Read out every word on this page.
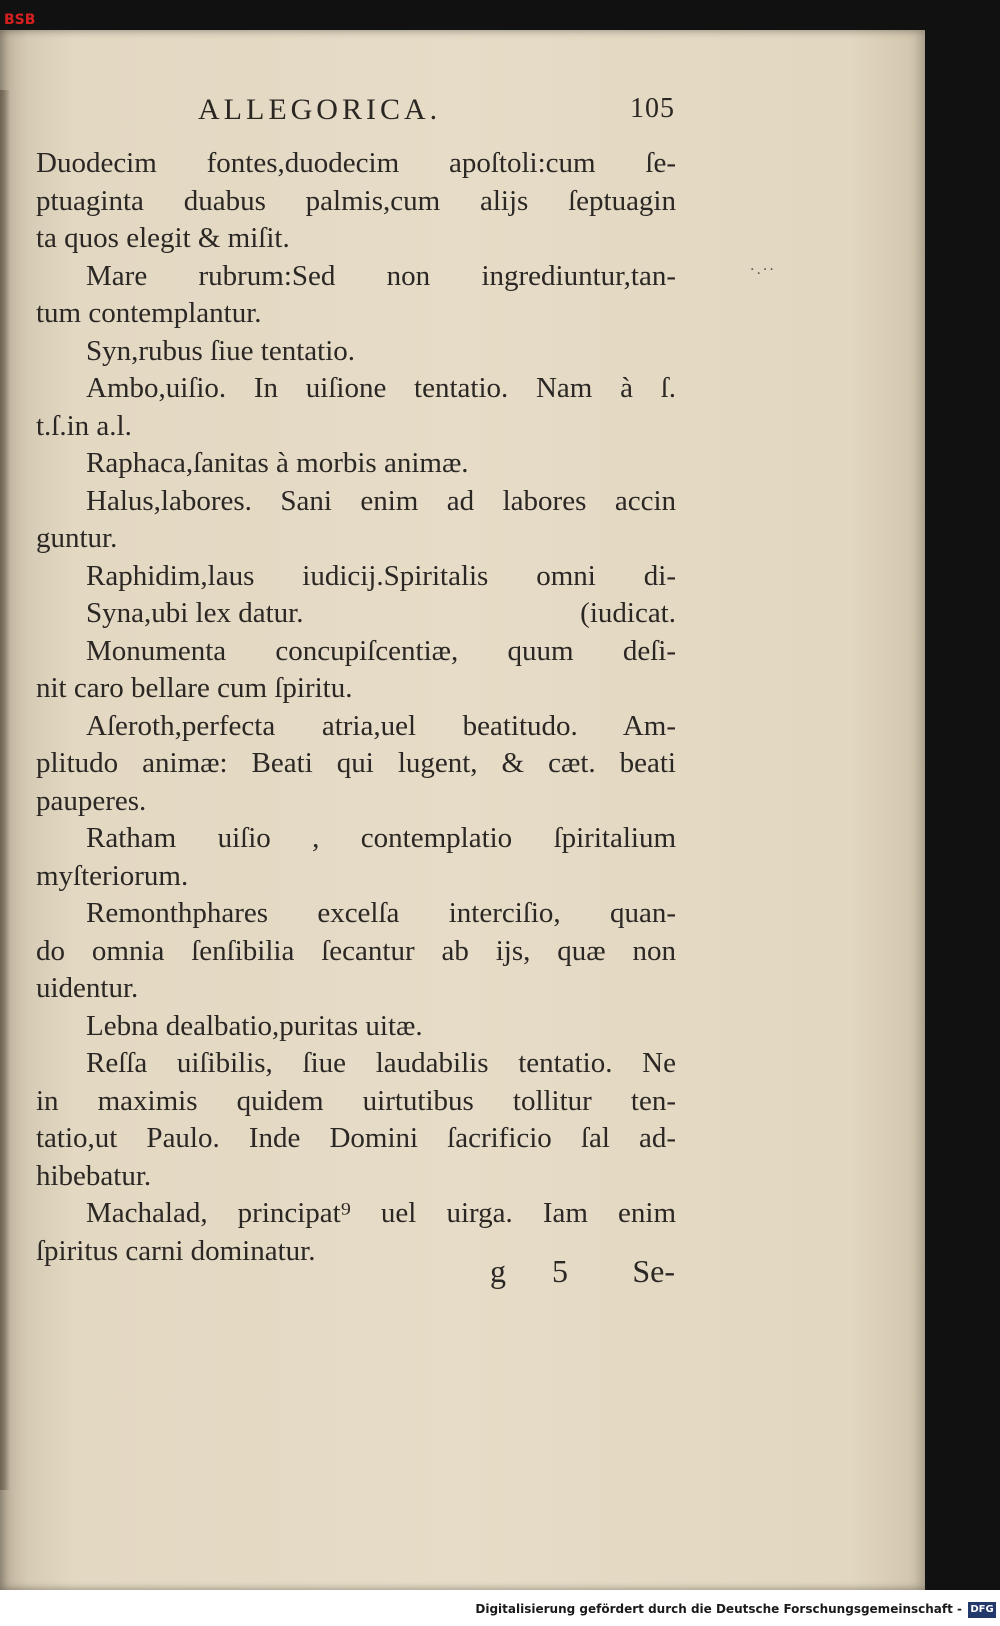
BSB
ALLEGORICA.	105
·.··
Duodecim fontes,duodecim apoſtoli:cum ſe-
ptuaginta duabus palmis,cum alijs ſeptuagin
ta quos elegit & miſit.
Mare rubrum:Sed non ingrediuntur,tan-
tum contemplantur.
Syn,rubus ſiue tentatio.
Ambo,uiſio. In uiſione tentatio. Nam à ſ.
t.ſ.in a.l.
Raphaca,ſanitas à morbis animæ.
Halus,labores. Sani enim ad labores accin
guntur.
Raphidim,laus iudicij.Spiritalis omni di-
Syna,ubi lex datur.	(iudicat.
Monumenta concupiſcentiæ, quum deſi-
nit caro bellare cum ſpiritu.
Aſeroth,perfecta atria,uel beatitudo. Am-
plitudo animæ: Beati qui lugent, & cæt. beati
pauperes.
Ratham uiſio , contemplatio ſpiritalium
myſteriorum.
Remonthphares excelſa interciſio, quan-
do omnia ſenſibilia ſecantur ab ijs, quæ non
uidentur.
Lebna dealbatio,puritas uitæ.
Reſſa uiſibilis, ſiue laudabilis tentatio. Ne
in maximis quidem uirtutibus tollitur ten-
tatio,ut Paulo. Inde Domini ſacrificio ſal ad-
hibebatur.
Machalad, principat⁹ uel uirga. Iam enim
ſpiritus carni dominatur.
g 5 Se-
Digitalisierung gefördert durch die Deutsche Forschungsgemeinschaft - DFG
